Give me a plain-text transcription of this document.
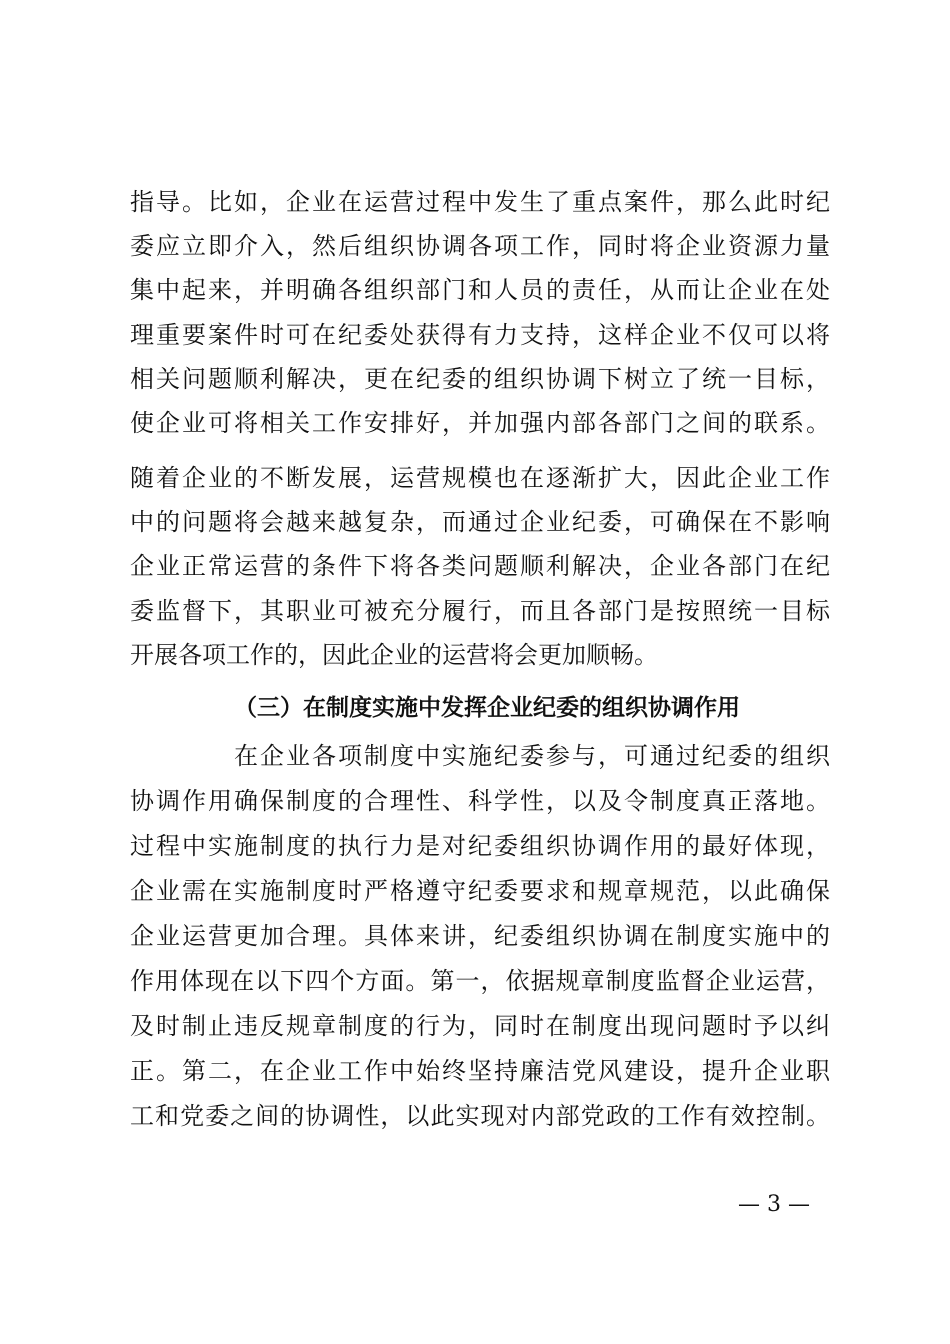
指导。比如，企业在运营过程中发生了重点案件，那么此时纪
委应立即介入，然后组织协调各项工作，同时将企业资源力量
集中起来，并明确各组织部门和人员的责任，从而让企业在处
理重要案件时可在纪委处获得有力支持，这样企业不仅可以将
相关问题顺利解决，更在纪委的组织协调下树立了统一目标，
使企业可将相关工作安排好，并加强内部各部门之间的联系。
随着企业的不断发展，运营规模也在逐渐扩大，因此企业工作
中的问题将会越来越复杂，而通过企业纪委，可确保在不影响
企业正常运营的条件下将各类问题顺利解决，企业各部门在纪
委监督下，其职业可被充分履行，而且各部门是按照统一目标
开展各项工作的，因此企业的运营将会更加顺畅。
（三）在制度实施中发挥企业纪委的组织协调作用
在企业各项制度中实施纪委参与，可通过纪委的组织
协调作用确保制度的合理性、科学性，以及令制度真正落地。
过程中实施制度的执行力是对纪委组织协调作用的最好体现，
企业需在实施制度时严格遵守纪委要求和规章规范，以此确保
企业运营更加合理。具体来讲，纪委组织协调在制度实施中的
作用体现在以下四个方面。第一，依据规章制度监督企业运营，
及时制止违反规章制度的行为，同时在制度出现问题时予以纠
正。第二，在企业工作中始终坚持廉洁党风建设，提升企业职
工和党委之间的协调性，以此实现对内部党政的工作有效控制。
— 3 —
